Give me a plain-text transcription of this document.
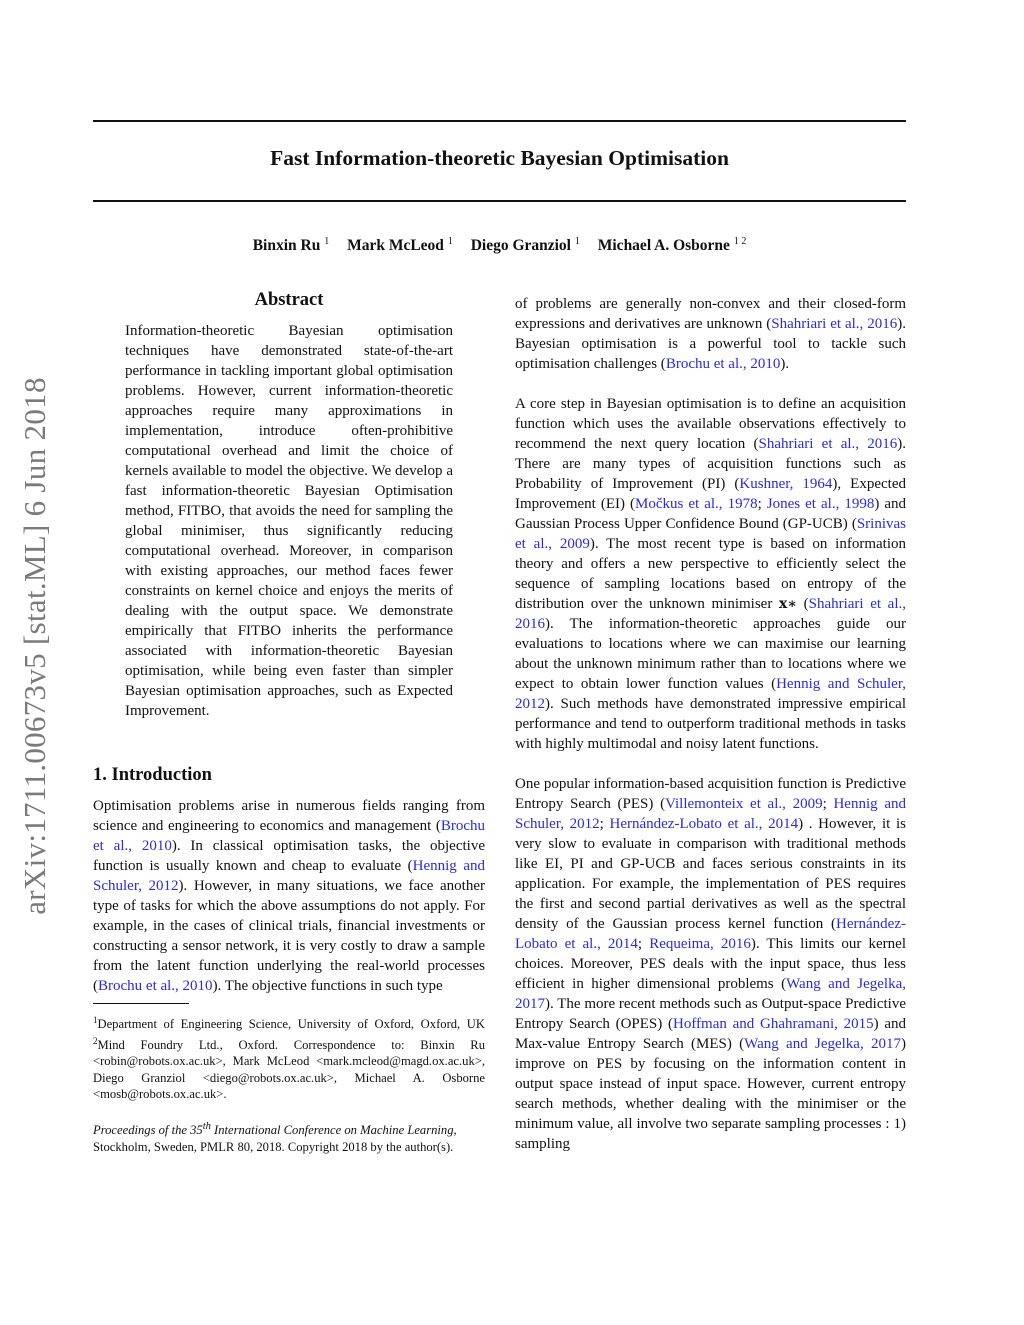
Fast Information-theoretic Bayesian Optimisation
Binxin Ru $^1$ Mark McLeod $^1$ Diego Granziol $^1$ Michael A. Osborne $^{1 2}$
arXiv:1711.00673v5 [stat.ML] 6 Jun 2018
Abstract

Information-theoretic Bayesian optimisation techniques have demonstrated state-of-the-art performance in tackling important global optimisation problems. However, current information-theoretic approaches require many approximations in implementation, introduce often-prohibitive computational overhead and limit the choice of kernels available to model the objective. We develop a fast information-theoretic Bayesian Optimisation method, FITBO, that avoids the need for sampling the global minimiser, thus significantly reducing computational overhead. Moreover, in comparison with existing approaches, our method faces fewer constraints on kernel choice and enjoys the merits of dealing with the output space. We demonstrate empirically that FITBO inherits the performance associated with information-theoretic Bayesian optimisation, while being even faster than simpler Bayesian optimisation approaches, such as Expected Improvement.

1. Introduction

Optimisation problems arise in numerous fields ranging from science and engineering to economics and management (Brochu et al., 2010). In classical optimisation tasks, the objective function is usually known and cheap to evaluate (Hennig and Schuler, 2012). However, in many situations, we face another type of tasks for which the above assumptions do not apply. For example, in the cases of clinical trials, financial investments or constructing a sensor network, it is very costly to draw a sample from the latent function underlying the real-world processes (Brochu et al., 2010). The objective functions in such type

$^1$Department of Engineering Science, University of Oxford, Oxford, UK $^2$Mind Foundry Ltd., Oxford. Correspondence to: Binxin Ru <robin@robots.ox.ac.uk>, Mark McLeod <mark.mcleod@magd.ox.ac.uk>, Diego Granziol <diego@robots.ox.ac.uk>, Michael A. Osborne <mosb@robots.ox.ac.uk>.

Proceedings of the 35th International Conference on Machine Learning, Stockholm, Sweden, PMLR 80, 2018. Copyright 2018 by the author(s).

of problems are generally non-convex and their closed-form expressions and derivatives are unknown (Shahriari et al., 2016). Bayesian optimisation is a powerful tool to tackle such optimisation challenges (Brochu et al., 2010).

A core step in Bayesian optimisation is to define an acquisition function which uses the available observations effectively to recommend the next query location (Shahriari et al., 2016). There are many types of acquisition functions such as Probability of Improvement (PI) (Kushner, 1964), Expected Improvement (EI) (Močkus et al., 1978; Jones et al., 1998) and Gaussian Process Upper Confidence Bound (GP-UCB) (Srinivas et al., 2009). The most recent type is based on information theory and offers a new perspective to efficiently select the sequence of sampling locations based on entropy of the distribution over the unknown minimiser x∗ (Shahriari et al., 2016). The information-theoretic approaches guide our evaluations to locations where we can maximise our learning about the unknown minimum rather than to locations where we expect to obtain lower function values (Hennig and Schuler, 2012). Such methods have demonstrated impressive empirical performance and tend to outperform traditional methods in tasks with highly multimodal and noisy latent functions.

One popular information-based acquisition function is Predictive Entropy Search (PES) (Villemonteix et al., 2009; Hennig and Schuler, 2012; Hernández-Lobato et al., 2014) . However, it is very slow to evaluate in comparison with traditional methods like EI, PI and GP-UCB and faces serious constraints in its application. For example, the implementation of PES requires the first and second partial derivatives as well as the spectral density of the Gaussian process kernel function (Hernández-Lobato et al., 2014; Requeima, 2016). This limits our kernel choices. Moreover, PES deals with the input space, thus less efficient in higher dimensional problems (Wang and Jegelka, 2017). The more recent methods such as Output-space Predictive Entropy Search (OPES) (Hoffman and Ghahramani, 2015) and Max-value Entropy Search (MES) (Wang and Jegelka, 2017) improve on PES by focusing on the information content in output space instead of input space. However, current entropy search methods, whether dealing with the minimiser or the minimum value, all involve two separate sampling processes : 1) sampling
